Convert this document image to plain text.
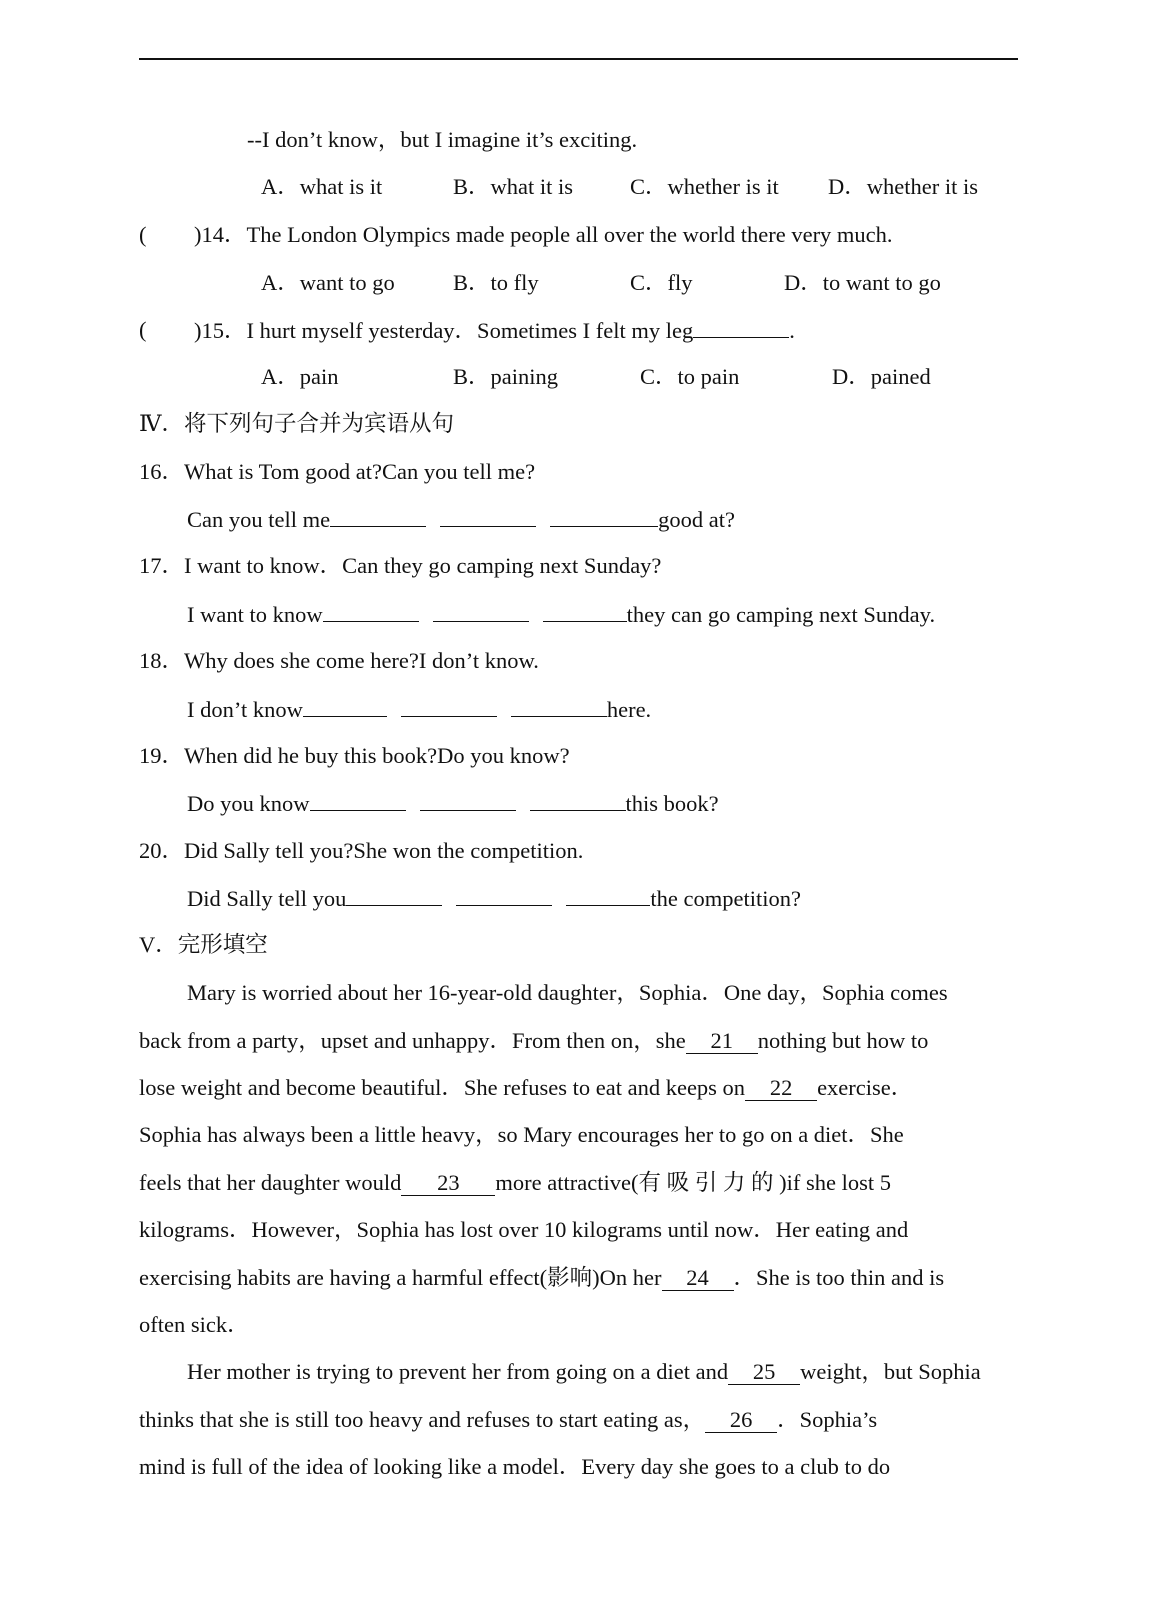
--I don’t know，but I imagine it’s exciting.
A．what is it	B．what it is	C．whether is it D．whether it is
( )14．The London Olympics made people all over the world there very much.
A．want to go	B．to fly	C．fly	D．to want to go
( )15．I hurt myself yesterday．Sometimes I felt my leg	.
A．pain	B．paining	C．to pain	D．pained
Ⅳ．将下列句子合并为宾语从句
16．What is Tom good at?Can you tell me?
Can you tell me	good at?
17．I want to know．Can they go camping next Sunday?
I want to know	they can go camping next Sunday.
18．Why does she come here?I don’t know.
I don’t know	here.
19．When did he buy this book?Do you know?
Do you know	this book?
20．Did Sally tell you?She won the competition.
Did Sally tell you	the competition?
V．完形填空
Mary is worried about her 16-year-old daughter，Sophia．One day，Sophia comes
back from a party，upset and unhappy．From then on，she 21 nothing but how to
lose weight and become beautiful．She refuses to eat and keeps on 22 exercise．
Sophia has always been a little heavy，so Mary encourages her to go on a diet．She
feels that her daughter would 23 more attractive(有 吸 引 力 的 )if she lost 5
kilograms．However，Sophia has lost over 10 kilograms until now．Her eating and
exercising habits are having a harmful effect(影响)On her 24 ．She is too thin and is
often sick．
Her mother is trying to prevent her from going on a diet and 25 weight，but Sophia
thinks that she is still too heavy and refuses to start eating as， 26 ．Sophia’s
mind is full of the idea of looking like a model．Every day she goes to a club to do
